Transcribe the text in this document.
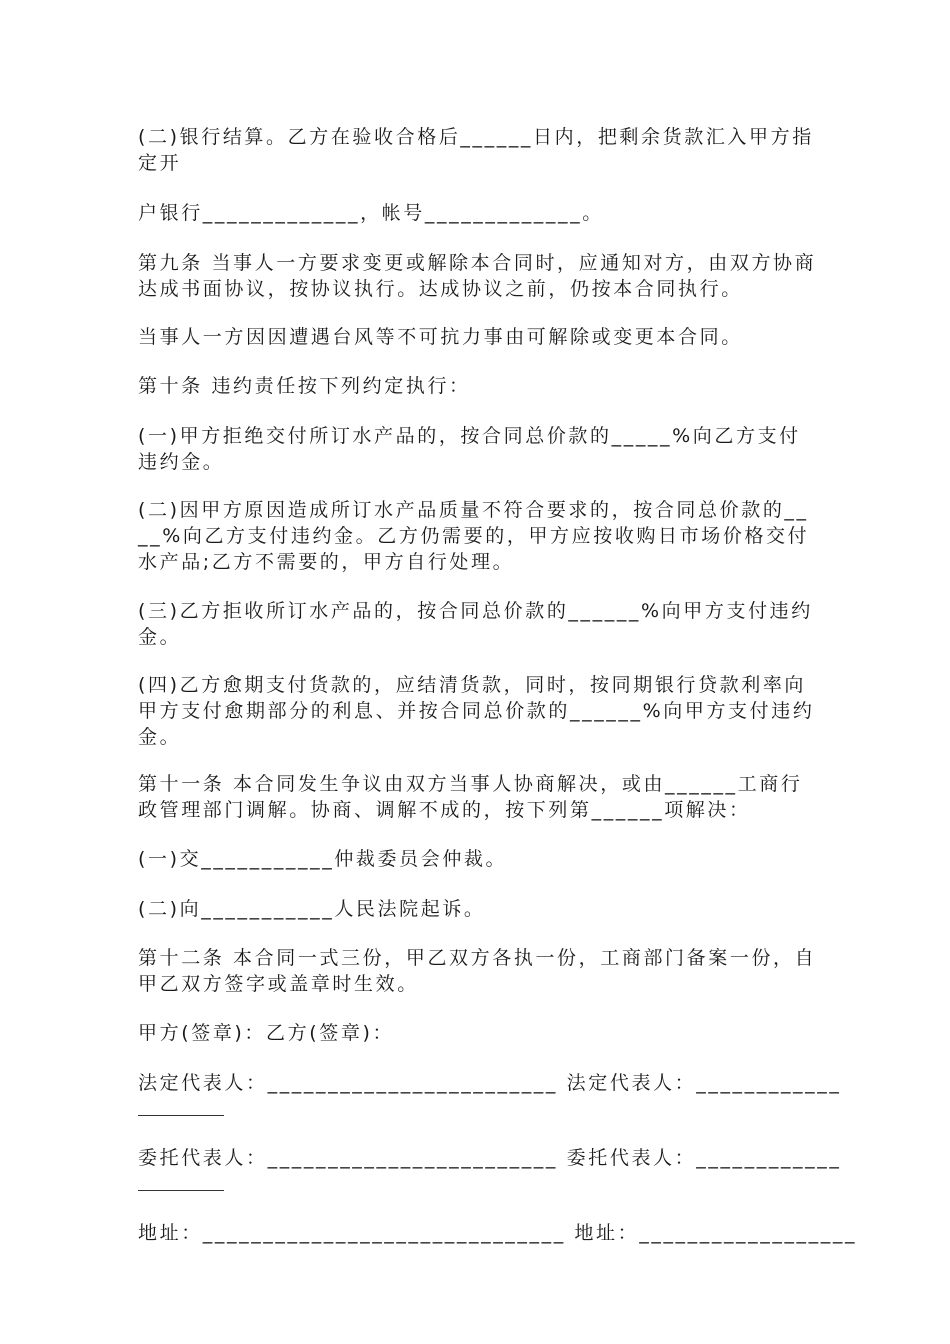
(二)银行结算。乙方在验收合格后______日内，把剩余货款汇入甲方指定开

户银行_____________，帐号_____________。

第九条 当事人一方要求变更或解除本合同时，应通知对方，由双方协商达成书面协议，按协议执行。达成协议之前，仍按本合同执行。

当事人一方因因遭遇台风等不可抗力事由可解除或变更本合同。

第十条 违约责任按下列约定执行：

(一)甲方拒绝交付所订水产品的，按合同总价款的_____%向乙方支付违约金。

(二)因甲方原因造成所订水产品质量不符合要求的，按合同总价款的____%向乙方支付违约金。乙方仍需要的，甲方应按收购日市场价格交付水产品;乙方不需要的，甲方自行处理。

(三)乙方拒收所订水产品的，按合同总价款的______%向甲方支付违约金。

(四)乙方愈期支付货款的，应结清货款，同时，按同期银行贷款利率向甲方支付愈期部分的利息、并按合同总价款的______%向甲方支付违约金。

第十一条 本合同发生争议由双方当事人协商解决，或由______工商行政管理部门调解。协商、调解不成的，按下列第______项解决：

(一)交___________仲裁委员会仲裁。

(二)向___________人民法院起诉。

第十二条 本合同一式三份，甲乙双方各执一份，工商部门备案一份，自甲乙双方签字或盖章时生效。

甲方(签章)：乙方(签章)：

法定代表人：________________________ 法定代表人：____________

委托代表人：________________________ 委托代表人：____________

地址：______________________________ 地址：__________________
